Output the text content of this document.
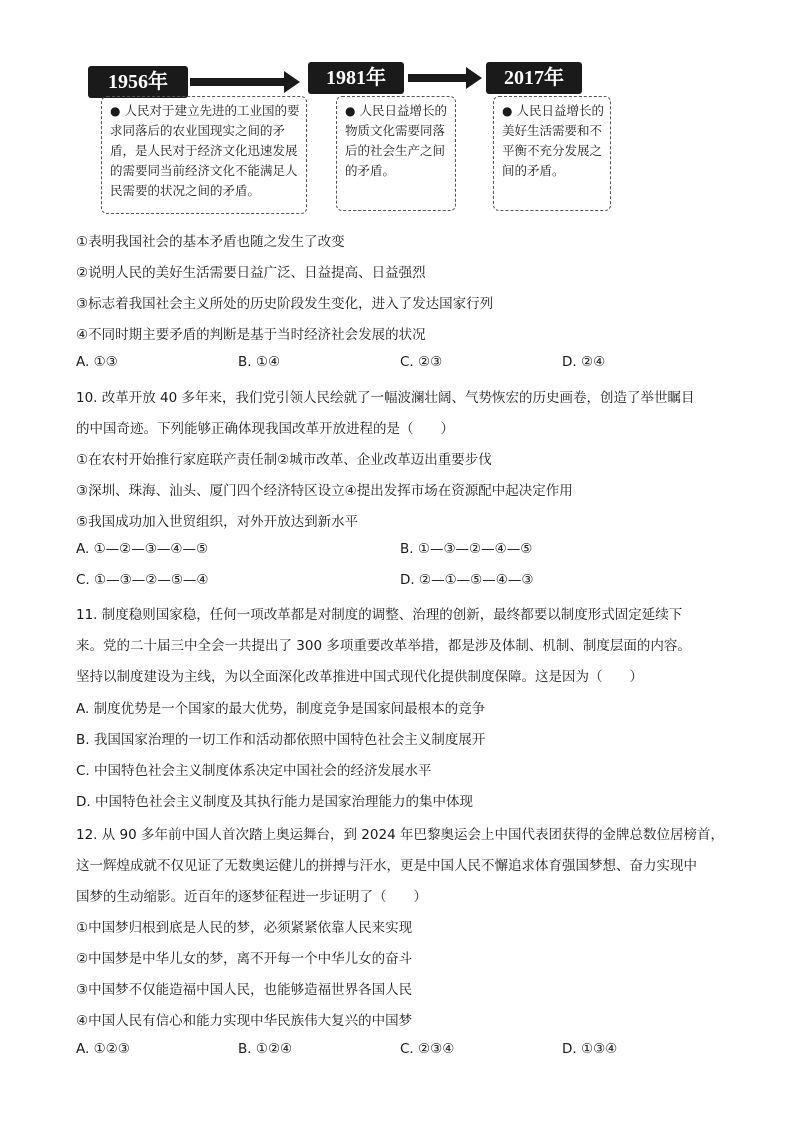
1956年	1981年	2017年
● 人民对于建立先进的工业国的要求同落后的农业国现实之间的矛盾，是人民对于经济文化迅速发展的需要同当前经济文化不能满足人民需要的状况之间的矛盾。
● 人民日益增长的物质文化需要同落后的社会生产之间的矛盾。
● 人民日益增长的美好生活需要和不平衡不充分发展之间的矛盾。
①表明我国社会的基本矛盾也随之发生了改变
②说明人民的美好生活需要日益广泛、日益提高、日益强烈
③标志着我国社会主义所处的历史阶段发生变化，进入了发达国家行列
④不同时期主要矛盾的判断是基于当时经济社会发展的状况
A. ①③	B. ①④	C. ②③	D. ②④
10. 改革开放 40 多年来，我们党引领人民绘就了一幅波澜壮阔、气势恢宏的历史画卷，创造了举世瞩目
的中国奇迹。下列能够正确体现我国改革开放进程的是（　　）
①在农村开始推行家庭联产责任制②城市改革、企业改革迈出重要步伐
③深圳、珠海、汕头、厦门四个经济特区设立④提出发挥市场在资源配中起决定作用
⑤我国成功加入世贸组织，对外开放达到新水平
A. ①—②—③—④—⑤	B. ①—③—②—④—⑤
C. ①—③—②—⑤—④	D. ②—①—⑤—④—③
11. 制度稳则国家稳，任何一项改革都是对制度的调整、治理的创新，最终都要以制度形式固定延续下
来。党的二十届三中全会一共提出了 300 多项重要改革举措，都是涉及体制、机制、制度层面的内容。
坚持以制度建设为主线，为以全面深化改革推进中国式现代化提供制度保障。这是因为（　　）
A. 制度优势是一个国家的最大优势，制度竞争是国家间最根本的竞争
B. 我国国家治理的一切工作和活动都依照中国特色社会主义制度展开
C. 中国特色社会主义制度体系决定中国社会的经济发展水平
D. 中国特色社会主义制度及其执行能力是国家治理能力的集中体现
12. 从 90 多年前中国人首次踏上奥运舞台，到 2024 年巴黎奥运会上中国代表团获得的金牌总数位居榜首，
这一辉煌成就不仅见证了无数奥运健儿的拼搏与汗水，更是中国人民不懈追求体育强国梦想、奋力实现中
国梦的生动缩影。近百年的逐梦征程进一步证明了（　　）
①中国梦归根到底是人民的梦，必须紧紧依靠人民来实现
②中国梦是中华儿女的梦，离不开每一个中华儿女的奋斗
③中国梦不仅能造福中国人民，也能够造福世界各国人民
④中国人民有信心和能力实现中华民族伟大复兴的中国梦
A. ①②③	B. ①②④	C. ②③④	D. ①③④
